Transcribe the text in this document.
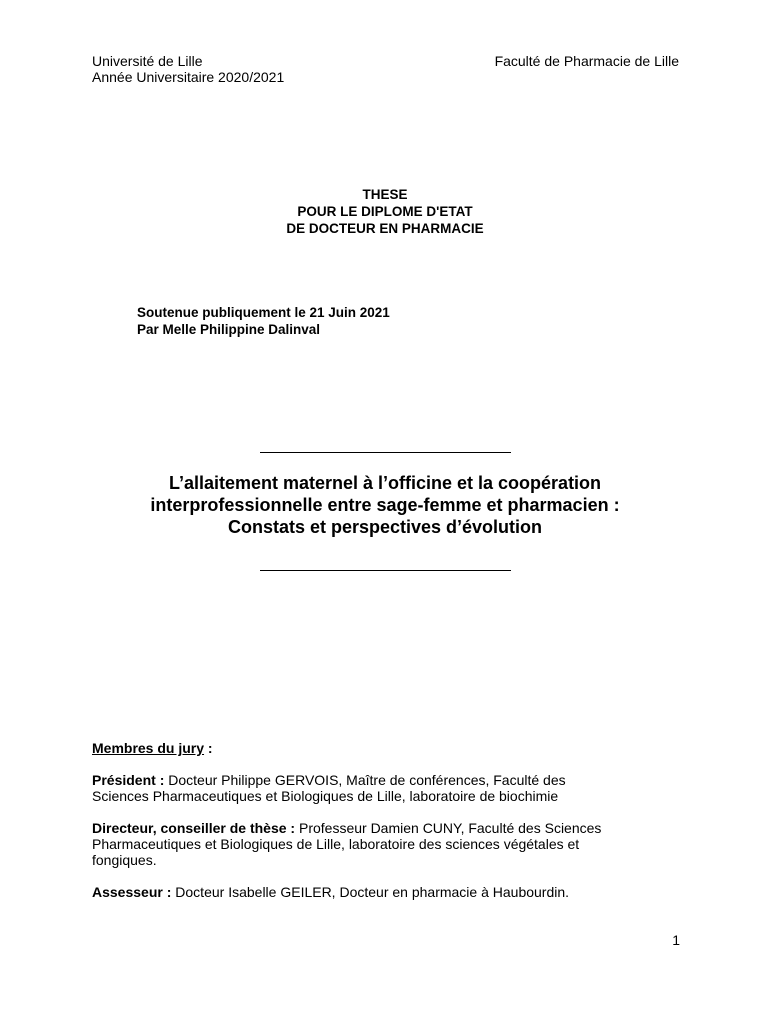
Université de Lille
Année Universitaire 2020/2021
Faculté de Pharmacie de Lille
THESE
POUR LE DIPLOME D'ETAT
DE DOCTEUR EN PHARMACIE
Soutenue publiquement le 21 Juin 2021
Par Melle Philippine Dalinval
L’allaitement maternel à l’officine et la coopération
interprofessionnelle entre sage-femme et pharmacien :
Constats et perspectives d’évolution

Membres du jury :

Président : Docteur Philippe GERVOIS, Maître de conférences, Faculté des
Sciences Pharmaceutiques et Biologiques de Lille, laboratoire de biochimie

Directeur, conseiller de thèse : Professeur Damien CUNY, Faculté des Sciences
Pharmaceutiques et Biologiques de Lille, laboratoire des sciences végétales et
fongiques.

Assesseur : Docteur Isabelle GEILER, Docteur en pharmacie à Haubourdin.

1
